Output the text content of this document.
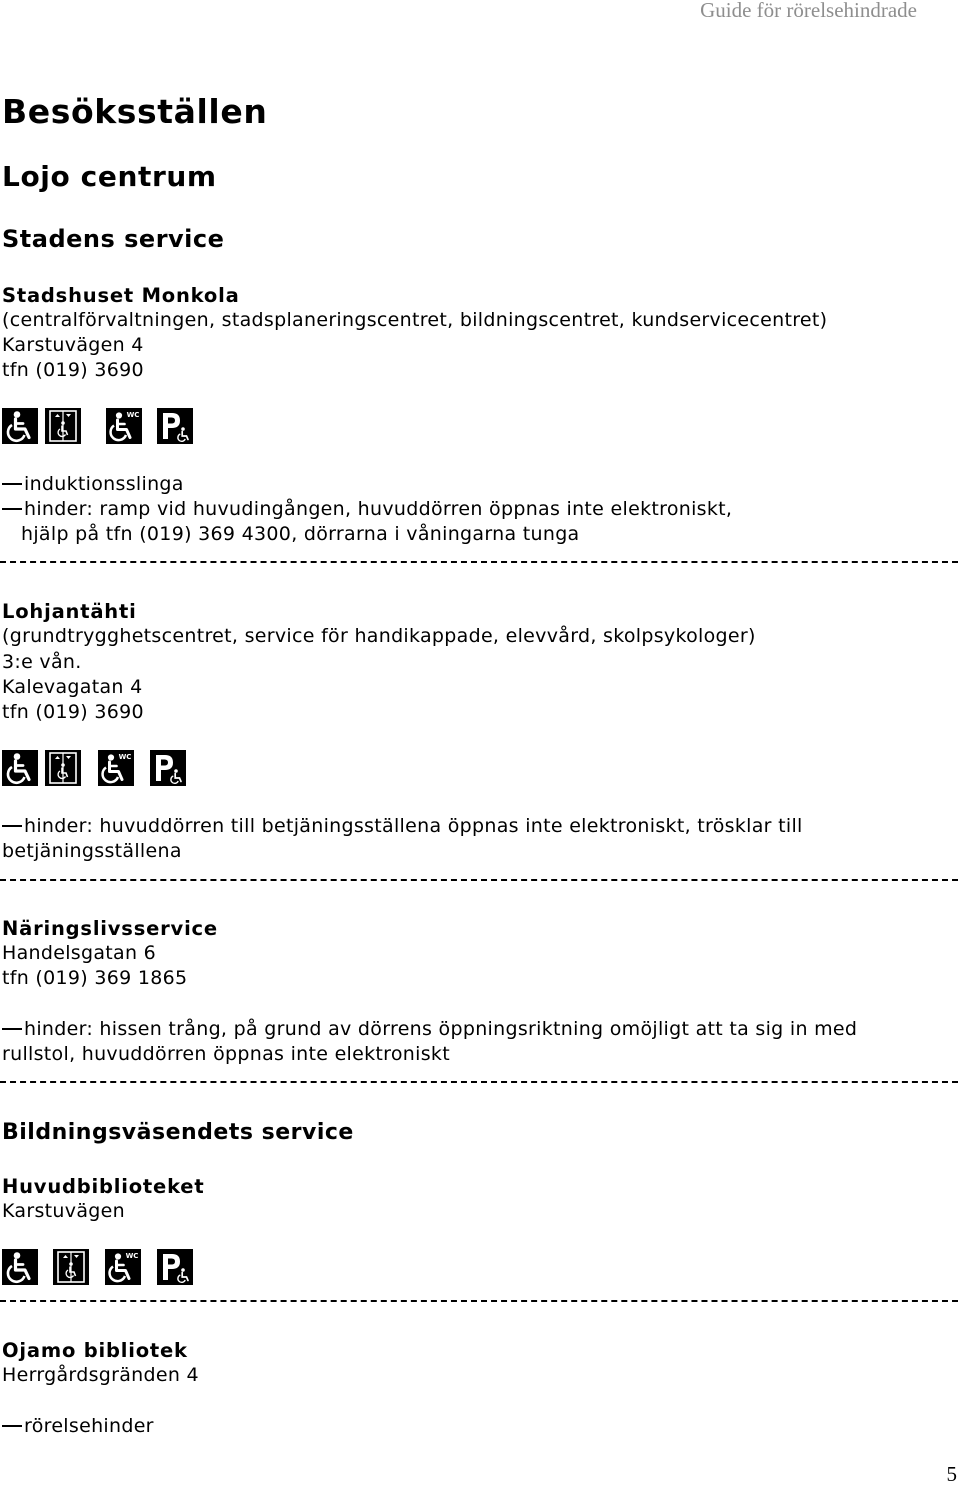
Guide för rörelsehindrade
Besöksställen
Lojo centrum
Stadens service
Stadshuset Monkola
(centralförvaltningen, stadsplaneringscentret, bildningscentret, kundservicecentret)
Karstuvägen 4
tfn (019) 3690
induktionsslinga
hinder: ramp vid huvudingången, huvuddörren öppnas inte elektroniskt,
hjälp på tfn (019) 369 4300, dörrarna i våningarna tunga
Lohjantähti
(grundtrygghetscentret, service för handikappade, elevvård, skolpsykologer)
3:e vån.
Kalevagatan 4
tfn (019) 3690
hinder: huvuddörren till betjäningsställena öppnas inte elektroniskt, trösklar till
betjäningsställena
Näringslivsservice
Handelsgatan 6
tfn (019) 369 1865
hinder: hissen trång, på grund av dörrens öppningsriktning omöjligt att ta sig in med
rullstol, huvuddörren öppnas inte elektroniskt
Bildningsväsendets service
Huvudbiblioteket
Karstuvägen
Ojamo bibliotek
Herrgårdsgränden 4
rörelsehinder
5
